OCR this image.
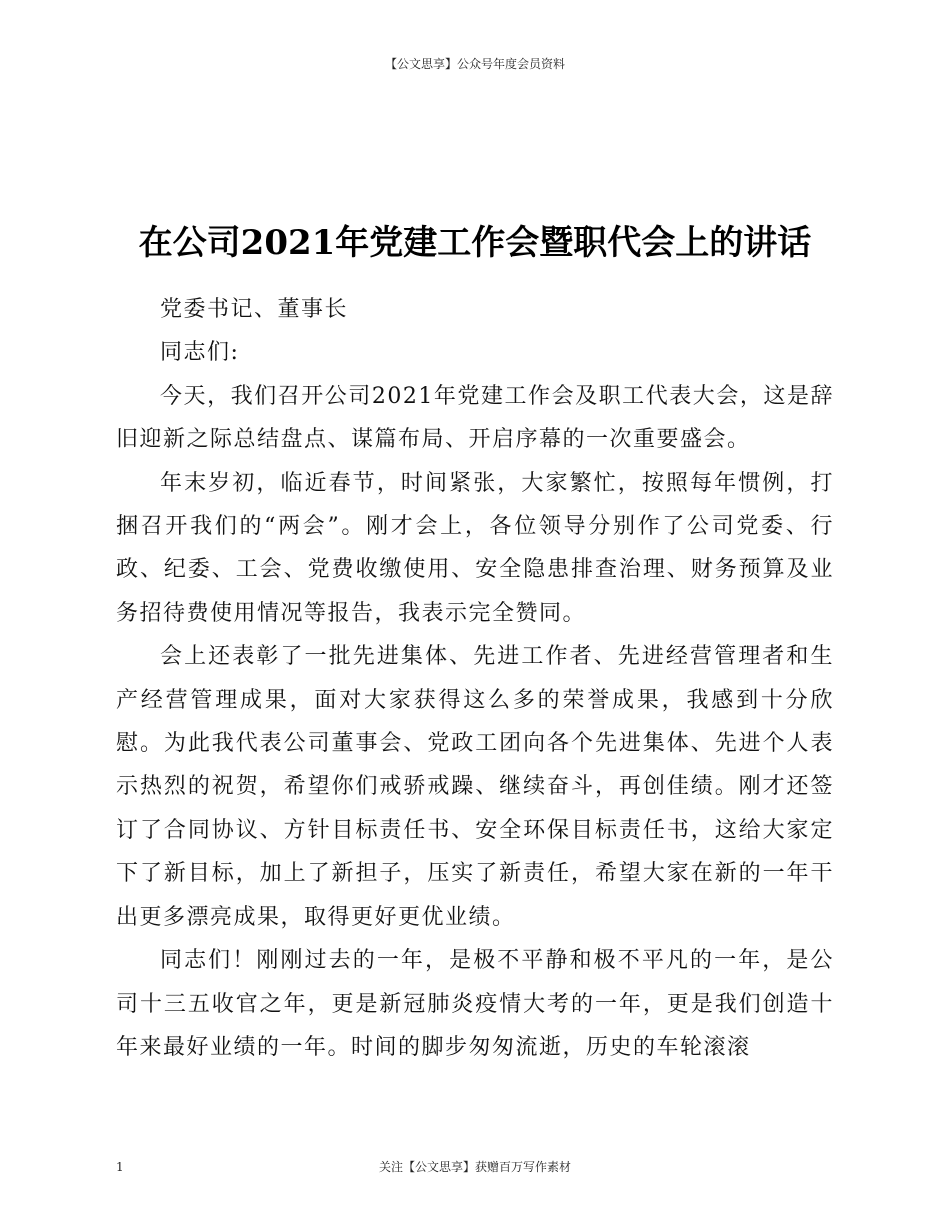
【公文思享】公众号年度会员资料
在公司2021年党建工作会暨职代会上的讲话

党委书记、董事长

同志们:

今天，我们召开公司2021年党建工作会及职工代表大会，这是辞旧迎新之际总结盘点、谋篇布局、开启序幕的一次重要盛会。

年末岁初，临近春节，时间紧张，大家繁忙，按照每年惯例，打捆召开我们的“两会”。刚才会上，各位领导分别作了公司党委、行政、纪委、工会、党费收缴使用、安全隐患排查治理、财务预算及业务招待费使用情况等报告，我表示完全赞同。

会上还表彰了一批先进集体、先进工作者、先进经营管理者和生产经营管理成果，面对大家获得这么多的荣誉成果，我感到十分欣慰。为此我代表公司董事会、党政工团向各个先进集体、先进个人表示热烈的祝贺，希望你们戒骄戒躁、继续奋斗，再创佳绩。刚才还签订了合同协议、方针目标责任书、安全环保目标责任书，这给大家定下了新目标，加上了新担子，压实了新责任，希望大家在新的一年干出更多漂亮成果，取得更好更优业绩。

同志们！刚刚过去的一年，是极不平静和极不平凡的一年，是公司十三五收官之年，更是新冠肺炎疫情大考的一年，更是我们创造十年来最好业绩的一年。时间的脚步匆匆流逝，历史的车轮滚滚

1	关注【公文思享】获赠百万写作素材
